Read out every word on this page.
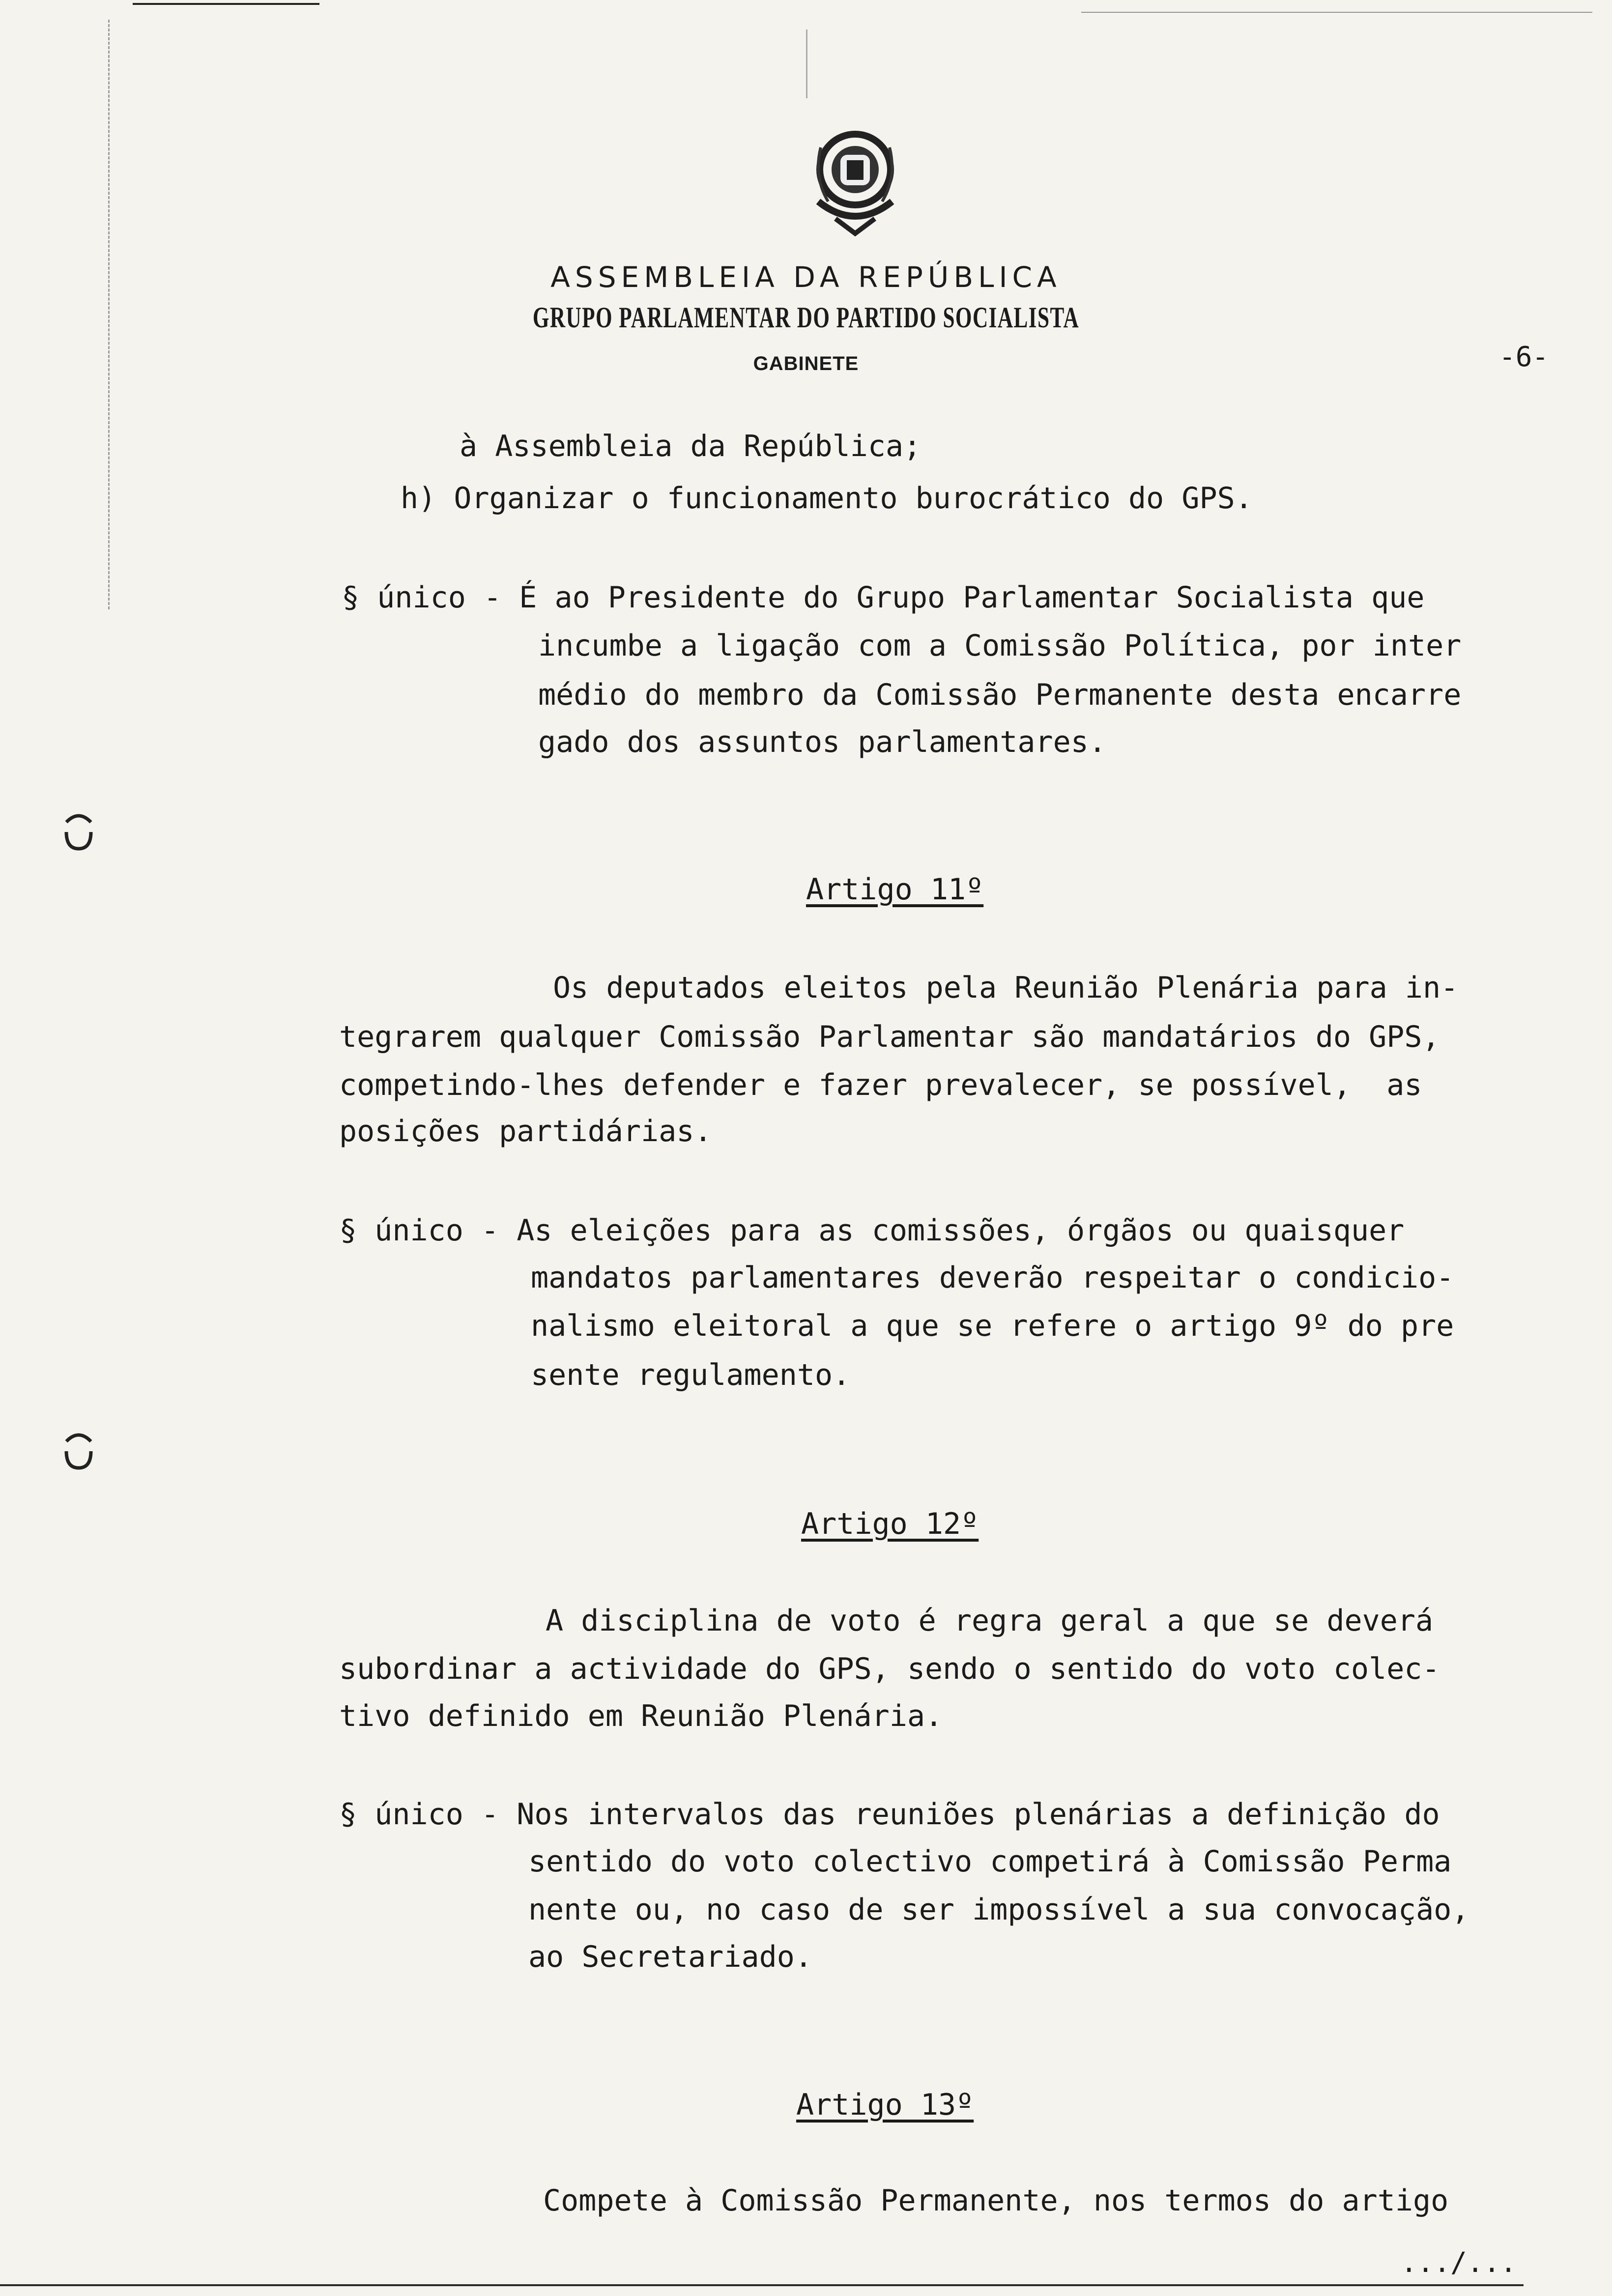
ASSEMBLEIA DA REPÚBLICA
GRUPO PARLAMENTAR DO PARTIDO SOCIALISTA
GABINETE	-6-
à Assembleia da República;
h) Organizar o funcionamento burocrático do GPS.
§ único - É ao Presidente do Grupo Parlamentar Socialista que
incumbe a ligação com a Comissão Política, por inter
médio do membro da Comissão Permanente desta encarre
gado dos assuntos parlamentares.
Artigo 11º
Os deputados eleitos pela Reunião Plenária para in-
tegrarem qualquer Comissão Parlamentar são mandatários do GPS,
competindo-lhes defender e fazer prevalecer, se possível,  as
posições partidárias.
§ único - As eleições para as comissões, órgãos ou quaisquer
mandatos parlamentares deverão respeitar o condicio-
nalismo eleitoral a que se refere o artigo 9º do pre
sente regulamento.
Artigo 12º
A disciplina de voto é regra geral a que se deverá
subordinar a actividade do GPS, sendo o sentido do voto colec-
tivo definido em Reunião Plenária.
§ único - Nos intervalos das reuniões plenárias a definição do
sentido do voto colectivo competirá à Comissão Perma
nente ou, no caso de ser impossível a sua convocação,
ao Secretariado.
Artigo 13º
Compete à Comissão Permanente, nos termos do artigo
.../...
